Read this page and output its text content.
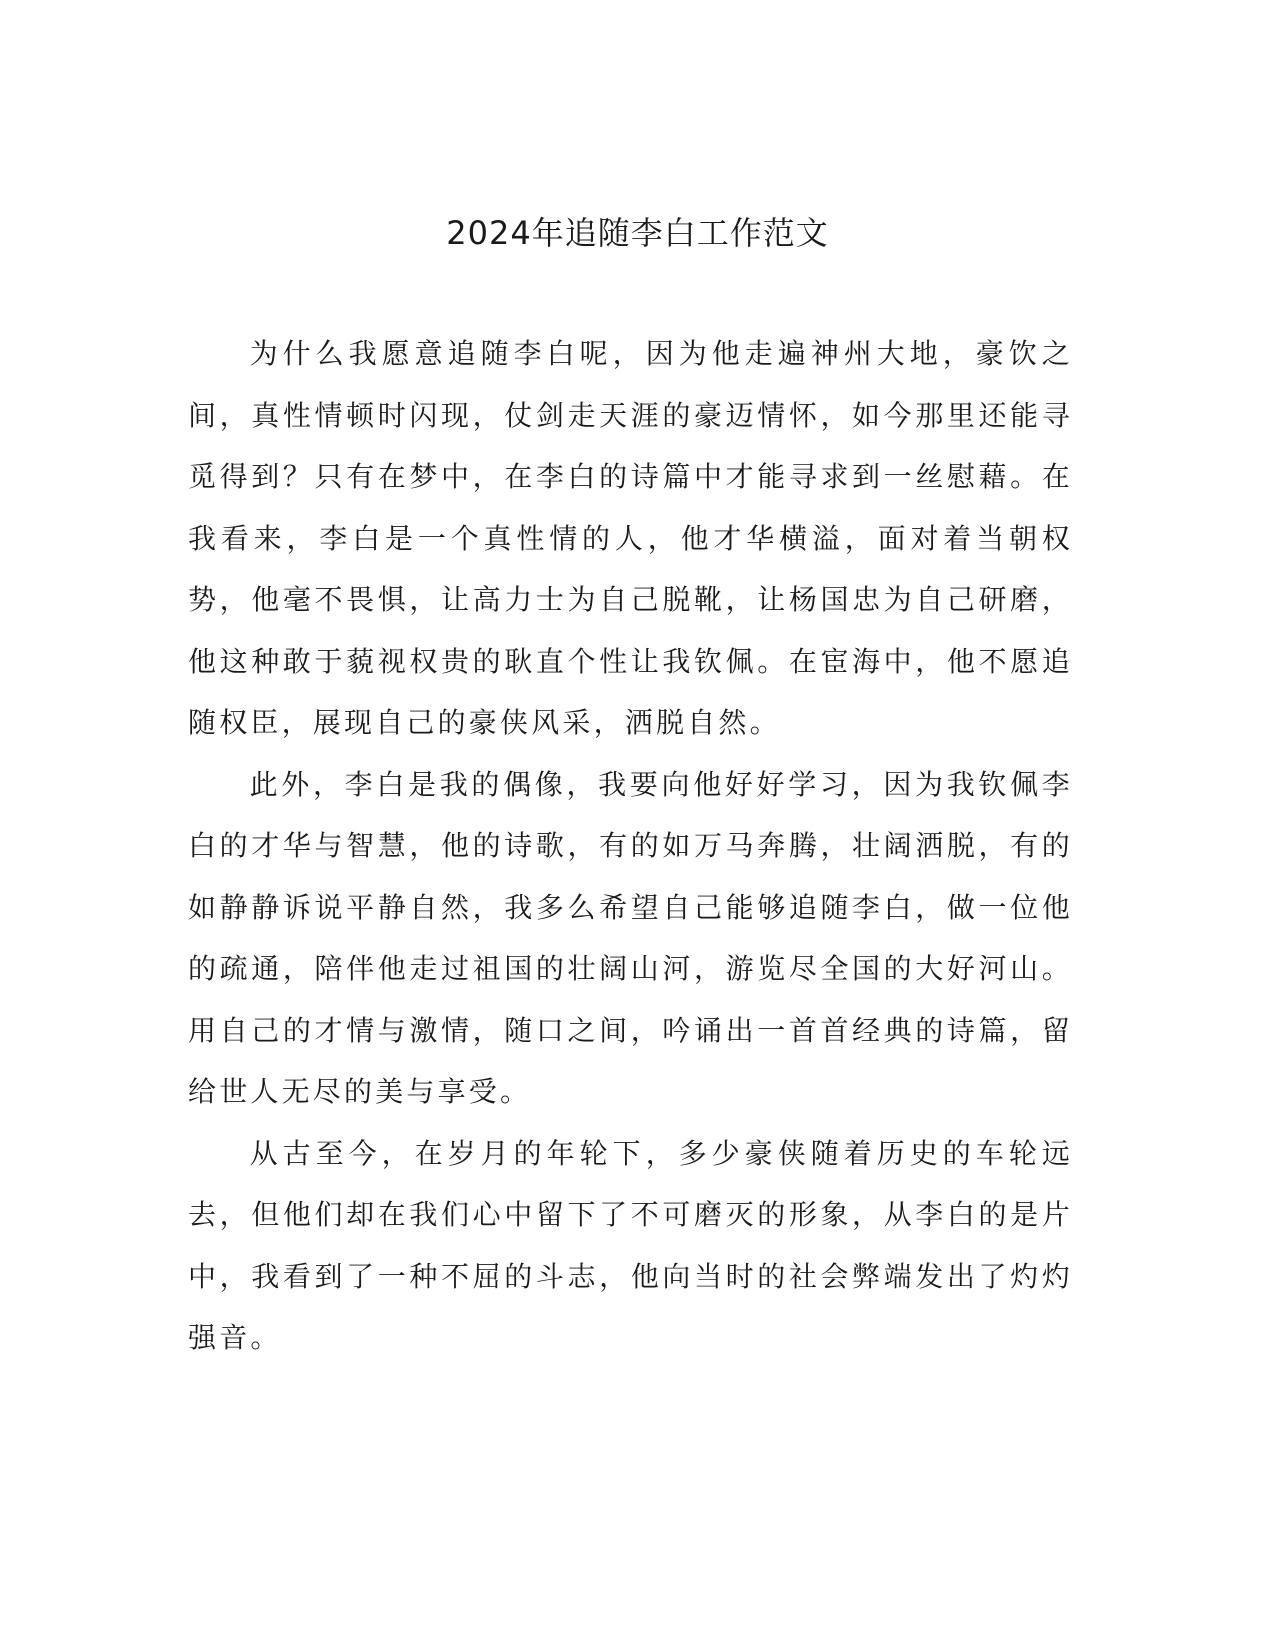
2024年追随李白工作范文

为什么我愿意追随李白呢，因为他走遍神州大地，豪饮之间，真性情顿时闪现，仗剑走天涯的豪迈情怀，如今那里还能寻觅得到？只有在梦中，在李白的诗篇中才能寻求到一丝慰藉。在我看来，李白是一个真性情的人，他才华横溢，面对着当朝权势，他毫不畏惧，让高力士为自己脱靴，让杨国忠为自己研磨，他这种敢于藐视权贵的耿直个性让我钦佩。在宦海中，他不愿追随权臣，展现自己的豪侠风采，洒脱自然。

此外，李白是我的偶像，我要向他好好学习，因为我钦佩李白的才华与智慧，他的诗歌，有的如万马奔腾，壮阔洒脱，有的如静静诉说平静自然，我多么希望自己能够追随李白，做一位他的疏通，陪伴他走过祖国的壮阔山河，游览尽全国的大好河山。用自己的才情与激情，随口之间，吟诵出一首首经典的诗篇，留给世人无尽的美与享受。

从古至今，在岁月的年轮下，多少豪侠随着历史的车轮远去，但他们却在我们心中留下了不可磨灭的形象，从李白的是片中，我看到了一种不屈的斗志，他向当时的社会弊端发出了灼灼强音。
